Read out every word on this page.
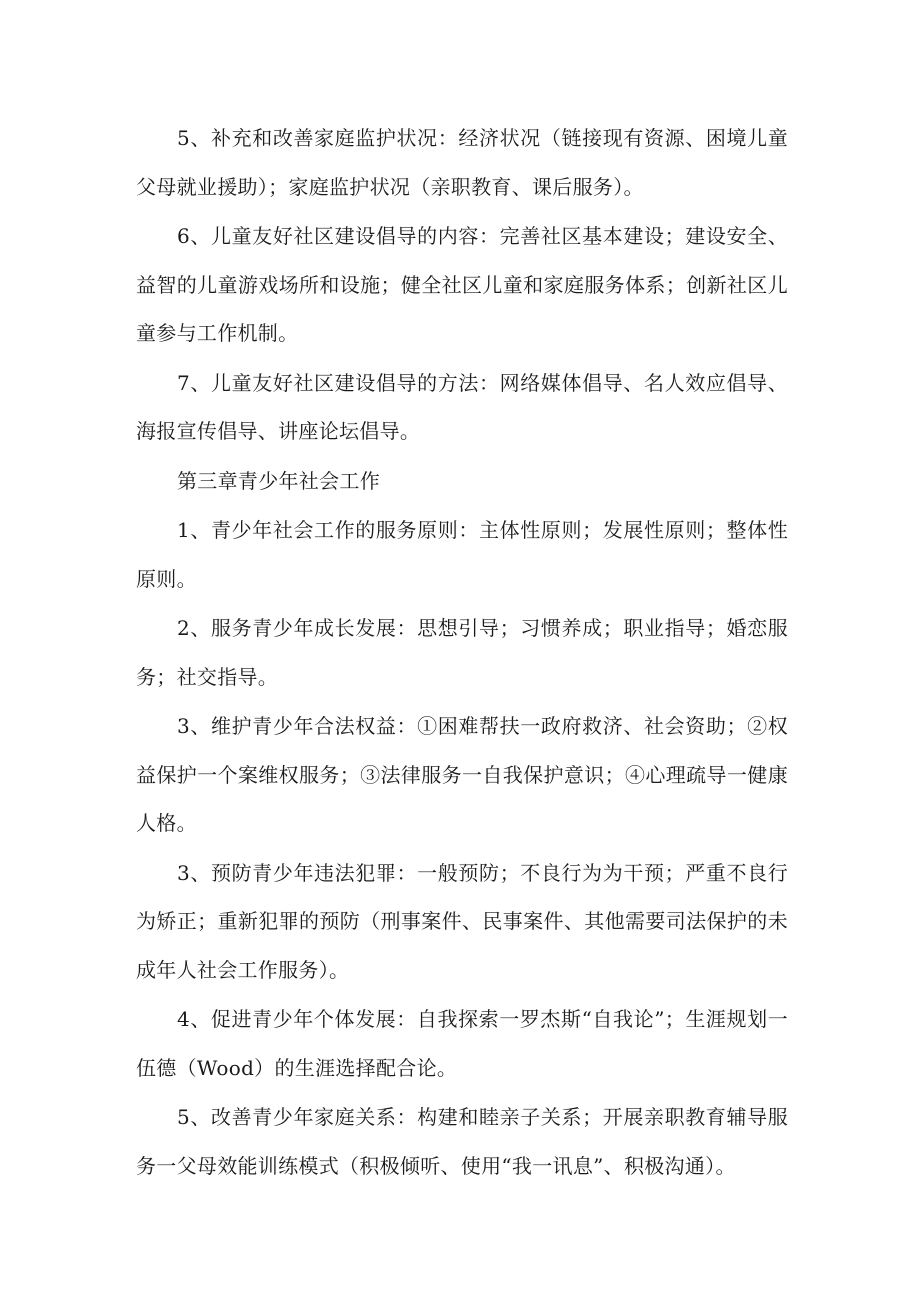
5、补充和改善家庭监护状况：经济状况（链接现有资源、困境儿童父母就业援助）；家庭监护状况（亲职教育、课后服务）。

6、儿童友好社区建设倡导的内容：完善社区基本建设；建设安全、益智的儿童游戏场所和设施；健全社区儿童和家庭服务体系；创新社区儿童参与工作机制。

7、儿童友好社区建设倡导的方法：网络媒体倡导、名人效应倡导、海报宣传倡导、讲座论坛倡导。

第三章青少年社会工作

1、青少年社会工作的服务原则：主体性原则；发展性原则；整体性原则。

2、服务青少年成长发展：思想引导；习惯养成；职业指导；婚恋服务；社交指导。

3、维护青少年合法权益：①困难帮扶一政府救济、社会资助；②权益保护一个案维权服务；③法律服务一自我保护意识；④心理疏导一健康人格。

3、预防青少年违法犯罪：一般预防；不良行为为干预；严重不良行为矫正；重新犯罪的预防（刑事案件、民事案件、其他需要司法保护的未成年人社会工作服务）。

4、促进青少年个体发展：自我探索一罗杰斯“自我论”；生涯规划一伍德（Wood）的生涯选择配合论。

5、改善青少年家庭关系：构建和睦亲子关系；开展亲职教育辅导服务一父母效能训练模式（积极倾听、使用“我一讯息”、积极沟通）。
